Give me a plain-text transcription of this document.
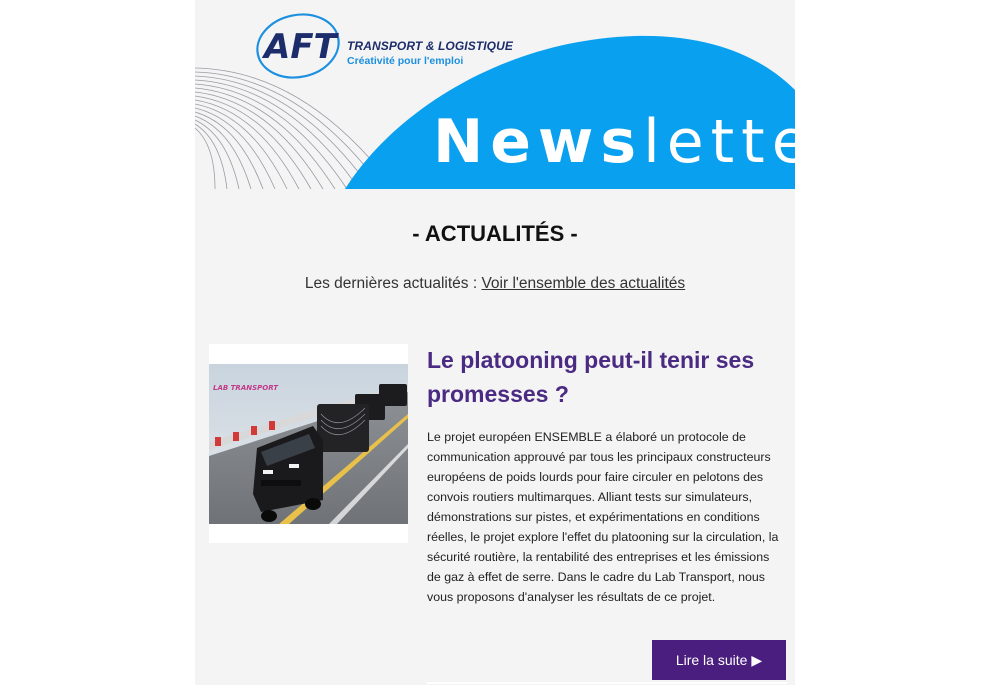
AFT TRANSPORT & LOGISTIQUE
Créativité pour l'emploi
Newsletter
- ACTUALITÉS -
Les dernières actualités : Voir l'ensemble des actualités
LAB TRANSPORT
Le platooning peut-il tenir ses promesses ?
Le projet européen ENSEMBLE a élaboré un protocole de communication approuvé par tous les principaux constructeurs européens de poids lourds pour faire circuler en pelotons des convois routiers multimarques. Alliant tests sur simulateurs, démonstrations sur pistes, et expérimentations en conditions réelles, le projet explore l'effet du platooning sur la circulation, la sécurité routière, la rentabilité des entreprises et les émissions de gaz à effet de serre. Dans le cadre du Lab Transport, nous vous proposons d'analyser les résultats de ce projet.
Lire la suite ▶
